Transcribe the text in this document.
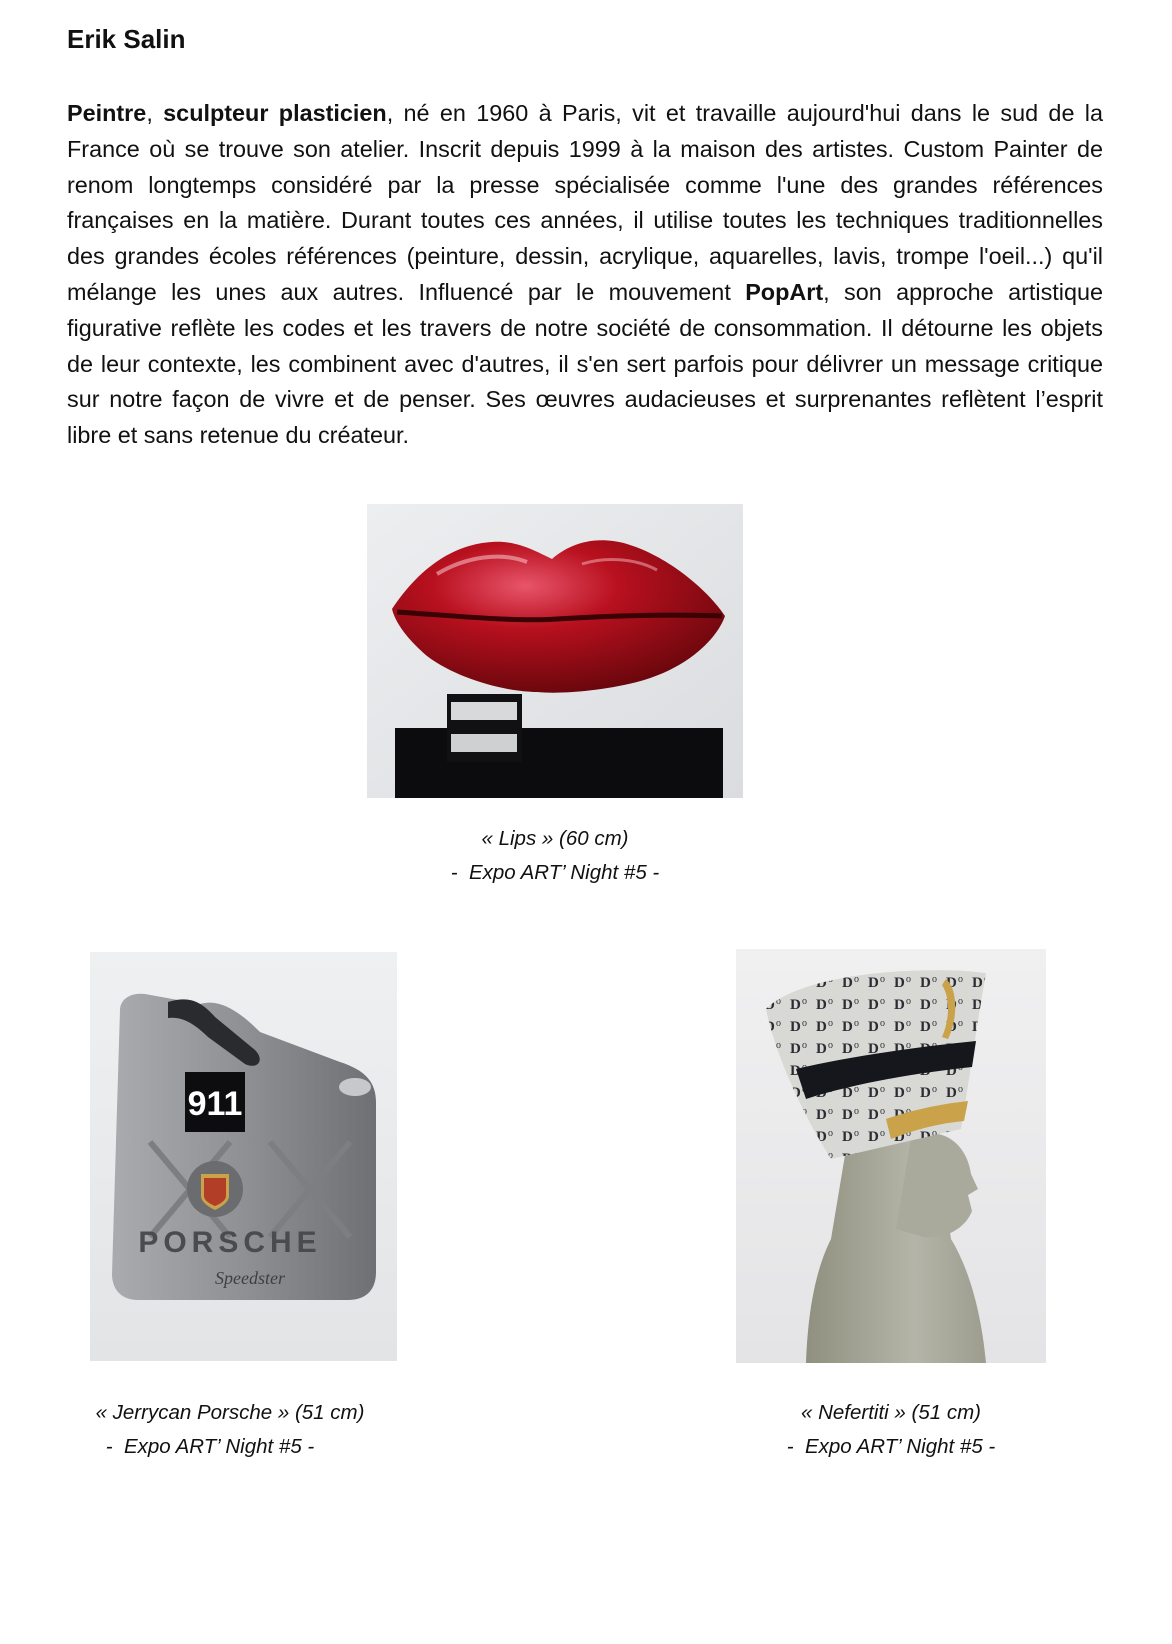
Erik Salin

Peintre, sculpteur plasticien, né en 1960 à Paris, vit et travaille aujourd'hui dans le sud de la France où se trouve son atelier. Inscrit depuis 1999 à la maison des artistes. Custom Painter de renom longtemps considéré par la presse spécialisée comme l'une des grandes références françaises en la matière. Durant toutes ces années, il utilise toutes les techniques traditionnelles des grandes écoles références (peinture, dessin, acrylique, aquarelles, lavis, trompe l'oeil...) qu'il mélange les unes aux autres. Influencé par le mouvement PopArt, son approche artistique figurative reflète les codes et les travers de notre société de consommation. Il détourne les objets de leur contexte, les combinent avec d'autres, il s'en sert parfois pour délivrer un message critique sur notre façon de vivre et de penser. Ses œuvres audacieuses et surprenantes reflètent l’esprit libre et sans retenue du créateur.

« Lips » (60 cm)
-  Expo ART’ Night #5 -
911
PORSCHE
Speedster
« Jerrycan Porsche » (51 cm)
-  Expo ART’ Night #5 -
« Nefertiti » (51 cm)
-  Expo ART’ Night #5 -
